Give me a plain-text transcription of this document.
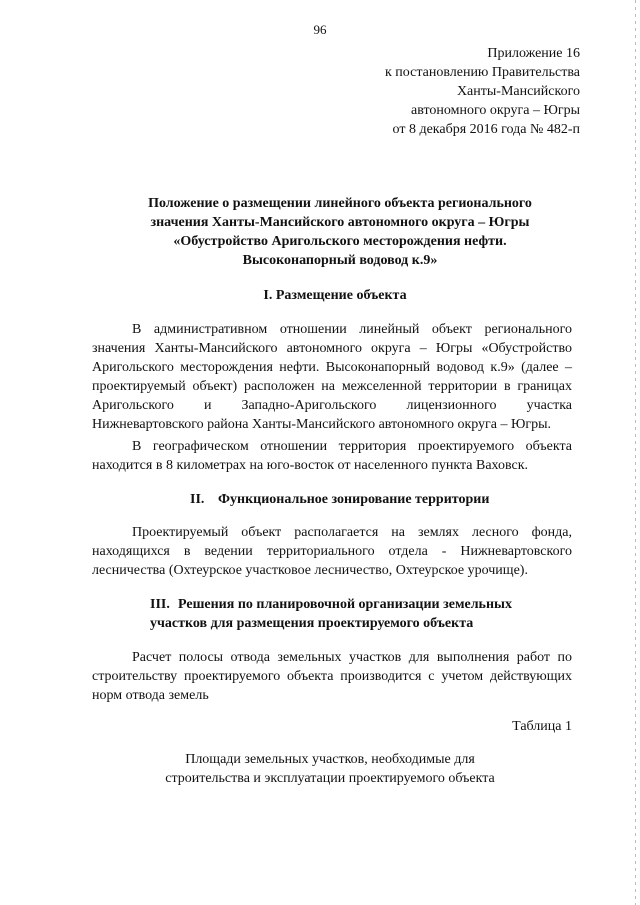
96
Приложение 16
к постановлению Правительства
Ханты-Мансийского
автономного округа – Югры
от 8 декабря 2016 года № 482-п
Положение о размещении линейного объекта регионального
значения Ханты-Мансийского автономного округа – Югры
«Обустройство Аригольского месторождения нефти.
Высоконапорный водовод к.9»
I. Размещение объекта

В административном отношении линейный объект регионального значения Ханты-Мансийского автономного округа – Югры «Обустройство Аригольского месторождения нефти. Высоконапорный водовод к.9» (далее – проектируемый объект) расположен на межселенной территории в границах Аригольского и Западно-Аригольского лицензионного участка Нижневартовского района Ханты-Мансийского автономного округа – Югры.

В географическом отношении территория проектируемого объекта находится в 8 километрах на юго-восток от населенного пункта Ваховск.

II. Функциональное зонирование территории

Проектируемый объект располагается на землях лесного фонда, находящихся в ведении территориального отдела - Нижневартовского лесничества (Охтеурское участковое лесничество, Охтеурское урочище).

III. Решения по планировочной организации земельных
участков для размещения проектируемого объекта

Расчет полосы отвода земельных участков для выполнения работ по строительству проектируемого объекта производится с учетом действующих норм отвода земель

Таблица 1
Площади земельных участков, необходимые для
строительства и эксплуатации проектируемого объекта
